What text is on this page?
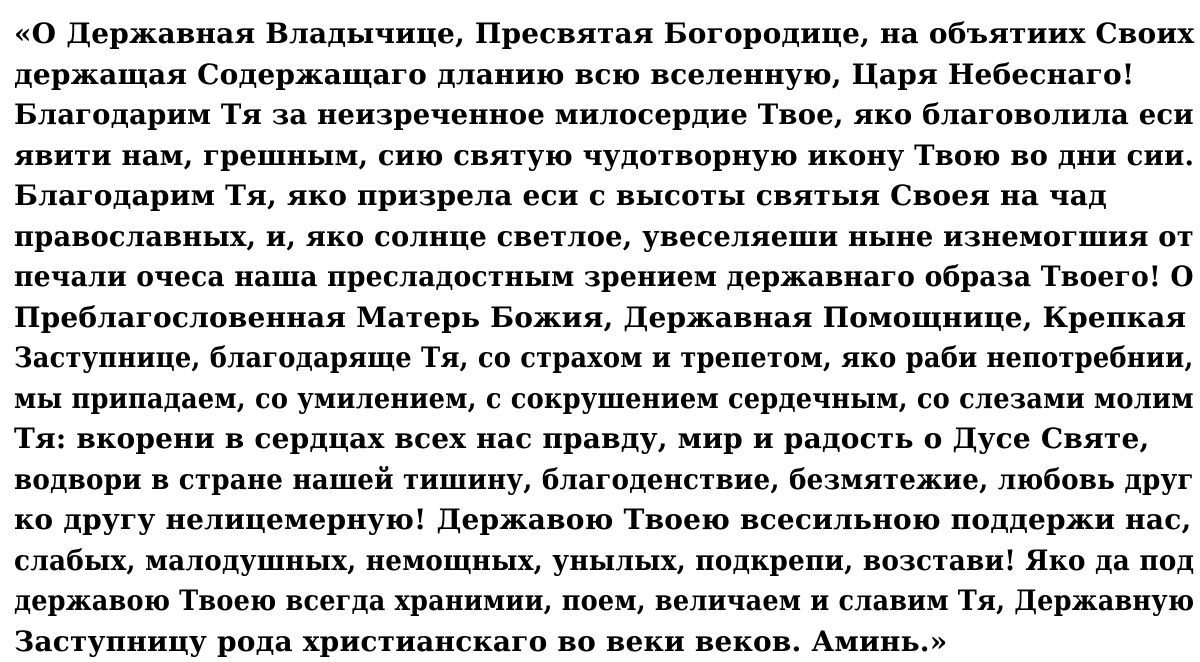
«О Державная Владычице, Пресвятая Богородице, на объятиих Своих
держащая Содержащаго дланию всю вселенную, Царя Небеснаго!
Благодарим Тя за неизреченное милосердие Твое, яко благоволила еси
явити нам, грешным, сию святую чудотворную икону Твою во дни сии.
Благодарим Тя, яко призрела еси с высоты святыя Своея на чад
православных, и, яко солнце светлое, увеселяеши ныне изнемогшия от
печали очеса наша пресладостным зрением державнаго образа Твоего! О
Преблагословенная Матерь Божия, Державная Помощнице, Крепкая
Заступнице, благодаряще Тя, со страхом и трепетом, яко раби непотребнии,
мы припадаем, со умилением, с сокрушением сердечным, со слезами молим
Тя: вкорени в сердцах всех нас правду, мир и радость о Дусе Святе,
водвори в стране нашей тишину, благоденствие, безмятежие, любовь друг
ко другу нелицемерную! Державою Твоею всесильною поддержи нас,
слабых, малодушных, немощных, унылых, подкрепи, возстави! Яко да под
державою Твоею всегда хранимии, поем, величаем и славим Тя, Державную
Заступницу рода христианскаго во веки веков. Аминь.»
